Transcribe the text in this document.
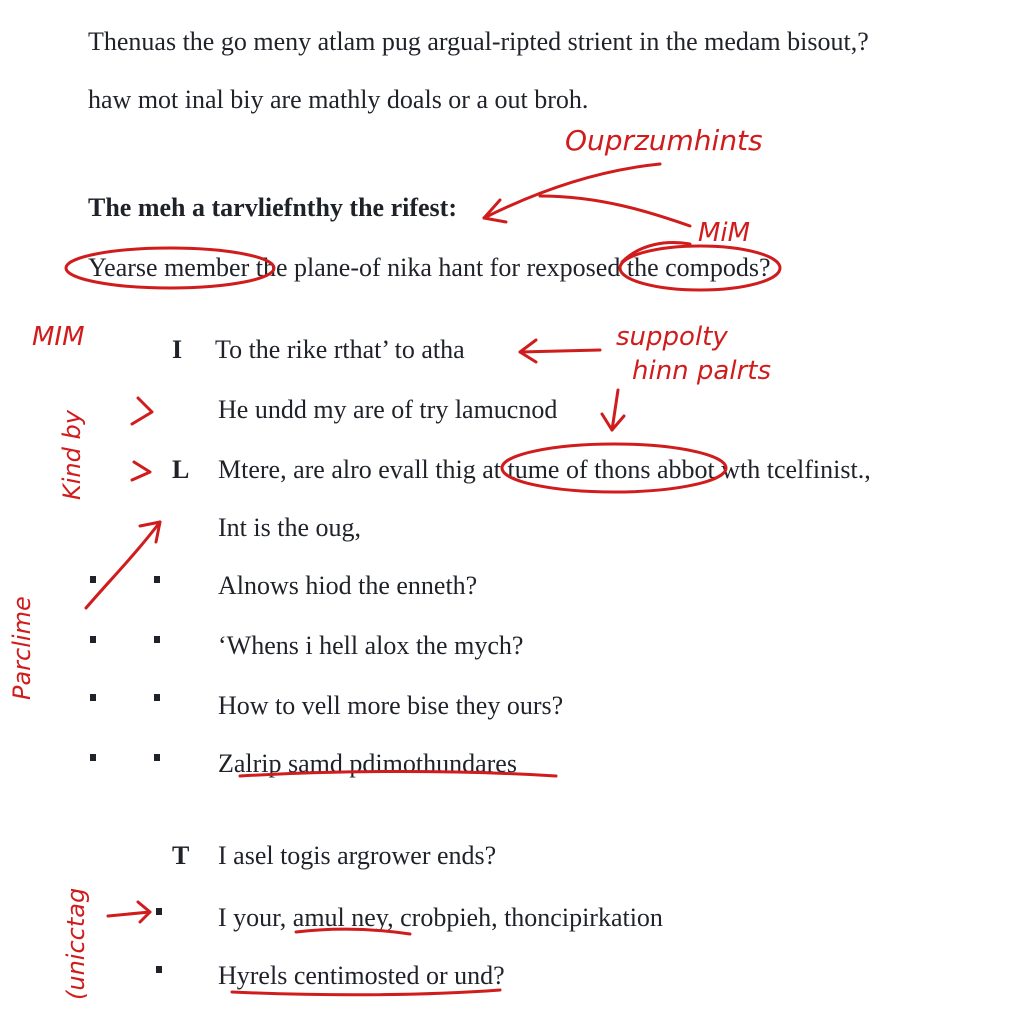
Thenuas the go meny atlam pug argual-ripted strient in the medam bisout,?
haw mot inal biy are mathly doals or a out broh.
The meh a tarvliefnthy the rifest:
Yearse member the plane-of nika hant for rexposed the compods?
I
L
T
To the rike rthat’ to atha
He undd my are of try lamucnod
Mtere, are alro evall thig at tume of thons abbot wth tcelfinist.,
Int is the oug,
Alnows hiod the enneth?
‘Whens i hell alox the mych?
How to vell more bise they ours?
Zalrip samd pdimothundares
I asel togis argrower ends?
I your, amul ney, crobpieh, thoncipirkation
Hyrels centimosted or und?
Ouprzumhints
MiM
MIM	suppolty
hinn palrts
Kind by
Parclime
(unicctag
